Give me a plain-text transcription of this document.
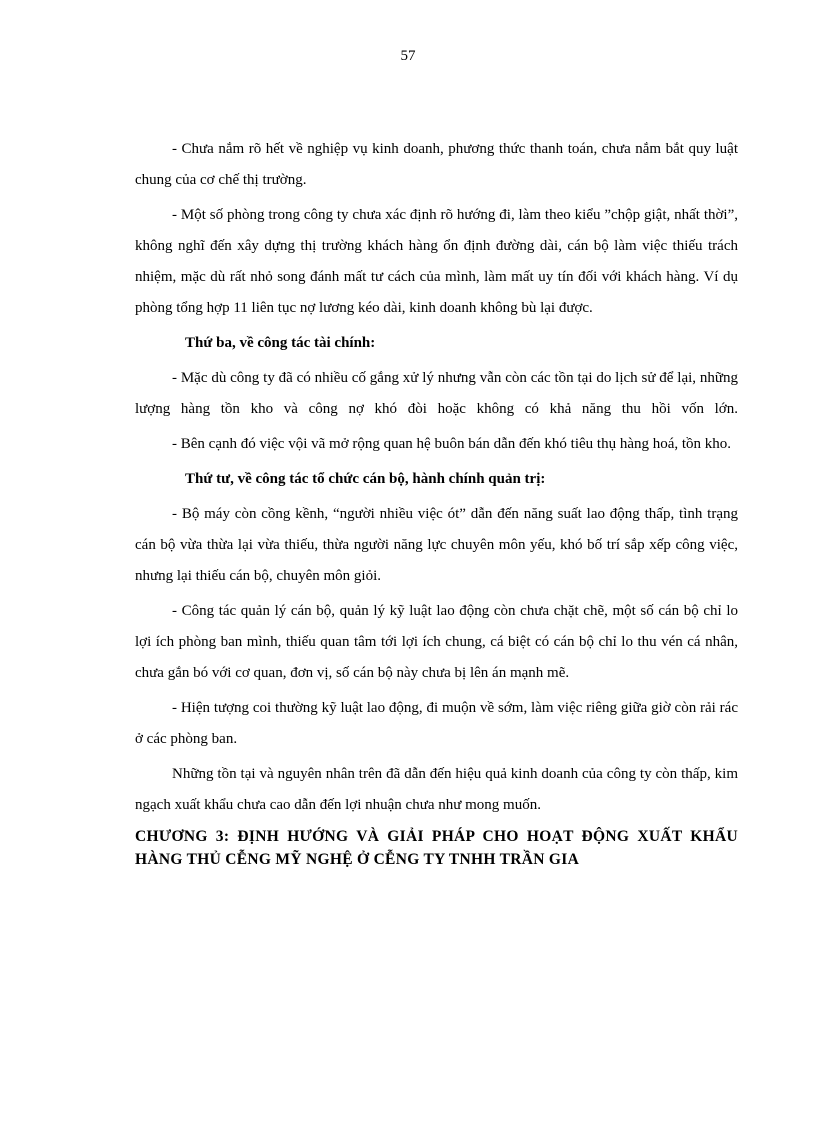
57

- Chưa nắm rõ hết về nghiệp vụ kinh doanh, phương thức thanh toán, chưa nắm bắt quy luật chung của cơ chế thị trường.

- Một số phòng trong công ty chưa xác định rõ hướng đi, làm theo kiểu ”chộp giật, nhất thời”, không nghĩ đến xây dựng thị trường khách hàng ổn định đường dài, cán bộ làm việc thiếu trách nhiệm, mặc dù rất nhỏ song đánh mất tư cách của mình, làm mất uy tín đối với khách hàng. Ví dụ phòng tổng hợp 11 liên tục nợ lương kéo dài, kinh doanh không bù lại được.

Thứ ba, về công tác tài chính:

- Mặc dù công ty đã có nhiều cố gắng xử lý nhưng vẫn còn các tồn tại do lịch sử để lại, những lượng hàng tồn kho và công nợ khó đòi hoặc không có khả năng thu hồi vốn lớn.

- Bên cạnh đó việc vội vã mở rộng quan hệ buôn bán dẫn đến khó tiêu thụ hàng hoá, tồn kho.

Thứ tư, về công tác tổ chức cán bộ, hành chính quản trị:

- Bộ máy còn cồng kềnh, “người nhiều việc ót” dẫn đến năng suất lao động thấp, tình trạng cán bộ vừa thừa lại vừa thiếu, thừa người năng lực chuyên môn yếu, khó bố trí sắp xếp công việc, nhưng lại thiếu cán bộ, chuyên môn giỏi.

- Công tác quản lý cán bộ, quản lý kỹ luật lao động còn chưa chặt chẽ, một số cán bộ chỉ lo lợi ích phòng ban mình, thiếu quan tâm tới lợi ích chung, cá biệt có cán bộ chỉ lo thu vén cá nhân, chưa gắn bó với cơ quan, đơn vị, số cán bộ này chưa bị lên án mạnh mẽ.

- Hiện tượng coi thường kỹ luật lao động, đi muộn về sớm, làm việc riêng giữa giờ còn rải rác ở các phòng ban.

Những tồn tại và nguyên nhân trên đã dẫn đến hiệu quả kinh doanh của công ty còn thấp, kim ngạch xuất khẩu chưa cao dẫn đến lợi nhuận chưa như mong muốn.

CHƯƠNG 3: ĐỊNH HƯỚNG VÀ GIẢI PHÁP CHO HOẠT ĐỘNG XUẤT KHẨU HÀNG THỦ CỄNG MỸ NGHỆ Ở CỄNG TY TNHH TRẦN GIA
